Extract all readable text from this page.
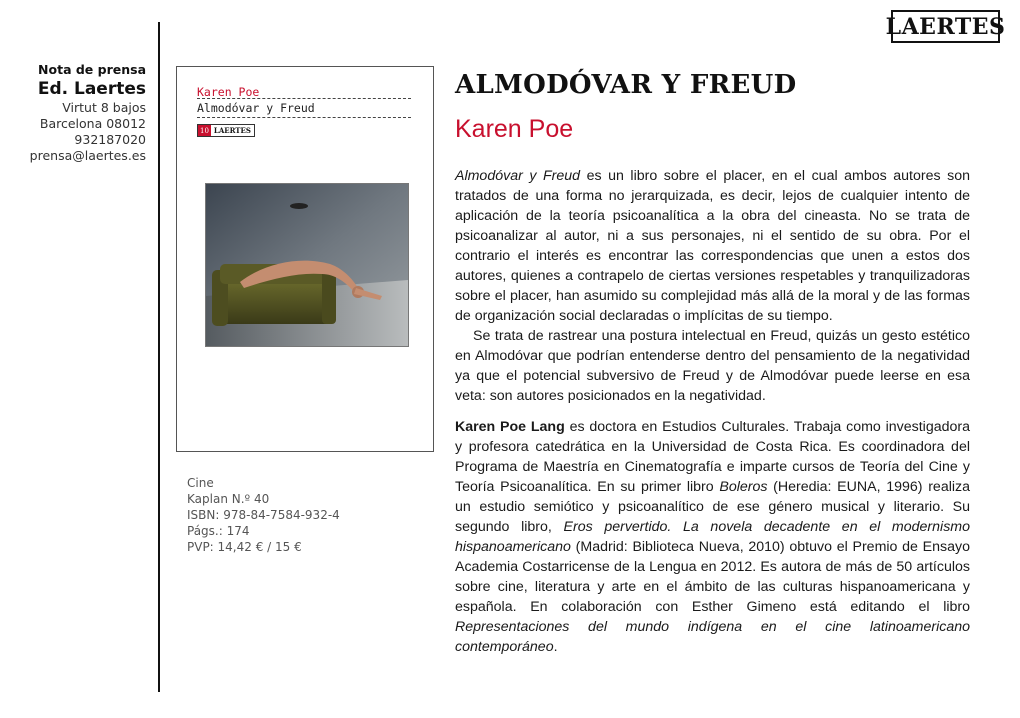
Nota de prensa
Ed. Laertes
Virtut 8 bajos
Barcelona 08012
932187020
prensa@laertes.es
LAERTES
Karen Poe
Almodóvar y Freud
10 LAERTES
Cine
Kaplan N.º 40
ISBN: 978-84-7584-932-4
Págs.: 174
PVP: 14,42 € / 15 €
ALMODÓVAR Y FREUD
Karen Poe

Almodóvar y Freud es un libro sobre el placer, en el cual ambos autores son tratados de una forma no jerarquizada, es decir, lejos de cualquier intento de aplicación de la teoría psicoanalítica a la obra del cineasta. No se trata de psicoanalizar al autor, ni a sus personajes, ni el sentido de su obra. Por el contrario el interés es encontrar las correspondencias que unen a estos dos autores, quienes a contrapelo de ciertas versiones respetables y tranquilizadoras sobre el placer, han asumido su complejidad más allá de la moral y de las formas de organización social declaradas o implícitas de su tiempo.

Se trata de rastrear una postura intelectual en Freud, quizás un gesto estético en Almodóvar que podrían entenderse dentro del pensamiento de la negatividad ya que el potencial subversivo de Freud y de Almodóvar puede leerse en esa veta: son autores posicionados en la negatividad.

Karen Poe Lang es doctora en Estudios Culturales. Trabaja como investigadora y profesora catedrática en la Universidad de Costa Rica. Es coordinadora del Programa de Maestría en Cinematografía e imparte cursos de Teoría del Cine y Teoría Psicoanalítica. En su primer libro Boleros (Heredia: EUNA, 1996) realiza un estudio semiótico y psicoanalítico de ese género musical y literario. Su segundo libro, Eros pervertido. La novela decadente en el modernismo hispanoamericano (Madrid: Biblioteca Nueva, 2010) obtuvo el Premio de Ensayo Academia Costarricense de la Lengua en 2012. Es autora de más de 50 artículos sobre cine, literatura y arte en el ámbito de las culturas hispanoamericana y española. En colaboración con Esther Gimeno está editando el libro Representaciones del mundo indígena en el cine latinoamericano contemporáneo.
